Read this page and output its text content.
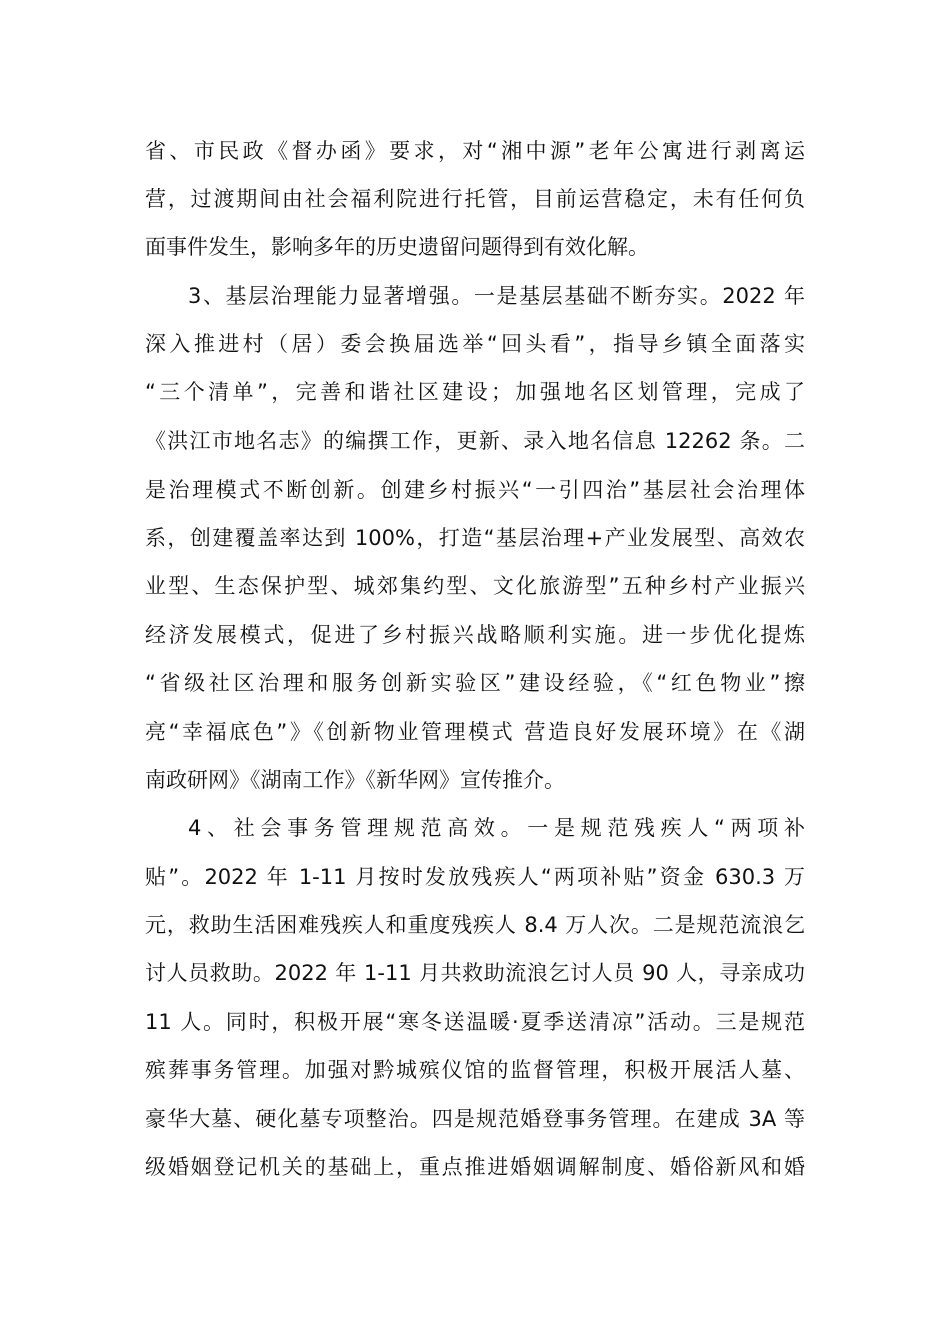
省、市民政《督办函》要求，对“湘中源”老年公寓进行剥离运
营，过渡期间由社会福利院进行托管，目前运营稳定，未有任何负
面事件发生，影响多年的历史遗留问题得到有效化解。
3、基层治理能力显著增强。一是基层基础不断夯实。2022 年
深入推进村（居）委会换届选举“回头看”，指导乡镇全面落实
“三个清单”，完善和谐社区建设；加强地名区划管理，完成了
《洪江市地名志》的编撰工作，更新、录入地名信息 12262 条。二
是治理模式不断创新。创建乡村振兴“一引四治”基层社会治理体
系，创建覆盖率达到 100%，打造“基层治理+产业发展型、高效农
业型、生态保护型、城郊集约型、文化旅游型”五种乡村产业振兴
经济发展模式，促进了乡村振兴战略顺利实施。进一步优化提炼
“省级社区治理和服务创新实验区”建设经验，《“红色物业”擦
亮“幸福底色”》《创新物业管理模式 营造良好发展环境》在《湖
南政研网》《湖南工作》《新华网》宣传推介。
4、社会事务管理规范高效。一是规范残疾人“两项补
贴”。2022 年 1-11 月按时发放残疾人“两项补贴”资金 630.3 万
元，救助生活困难残疾人和重度残疾人 8.4 万人次。二是规范流浪乞
讨人员救助。2022 年 1-11 月共救助流浪乞讨人员 90 人，寻亲成功
11 人。同时，积极开展“寒冬送温暖·夏季送清凉”活动。三是规范
殡葬事务管理。加强对黔城殡仪馆的监督管理，积极开展活人墓、
豪华大墓、硬化墓专项整治。四是规范婚登事务管理。在建成 3A 等
级婚姻登记机关的基础上，重点推进婚姻调解制度、婚俗新风和婚
